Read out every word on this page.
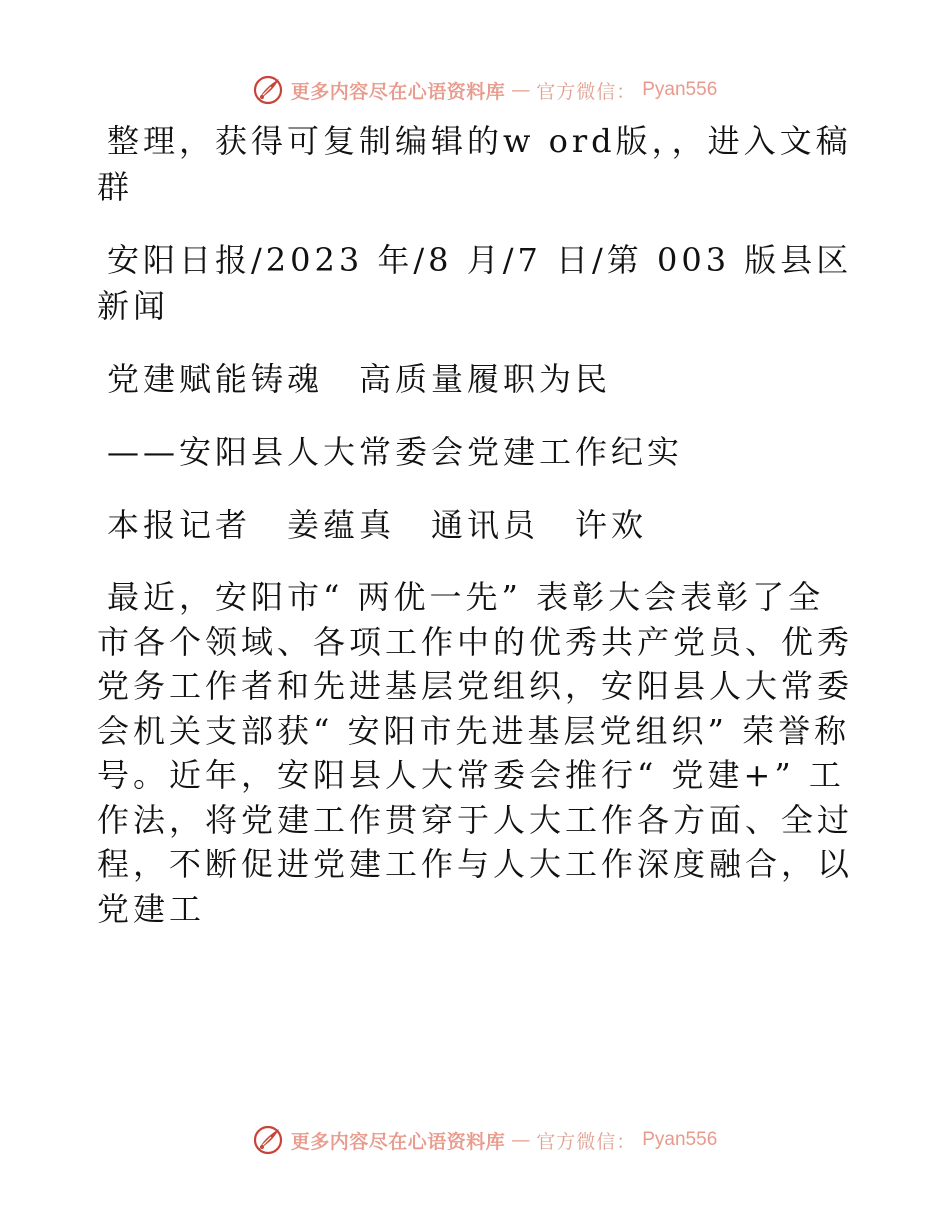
更多内容尽在心语资料库 — 官方微信： Pyan556

整理，获得可复制编辑的w ord版，，进入文稿群

安阳日报/2023 年/8 月/7 日/第 003 版县区新闻

党建赋能铸魂　高质量履职为民

——安阳县人大常委会党建工作纪实

本报记者　姜蕴真　通讯员　许欢

最近，安阳市“ 两优一先” 表彰大会表彰了全市各个领域、各项工作中的优秀共产党员、优秀党务工作者和先进基层党组织，安阳县人大常委会机关支部获“ 安阳市先进基层党组织” 荣誉称号。近年，安阳县人大常委会推行“ 党建+” 工作法，将党建工作贯穿于人大工作各方面、全过程，不断促进党建工作与人大工作深度融合，以党建工

更多内容尽在心语资料库 — 官方微信： Pyan556
